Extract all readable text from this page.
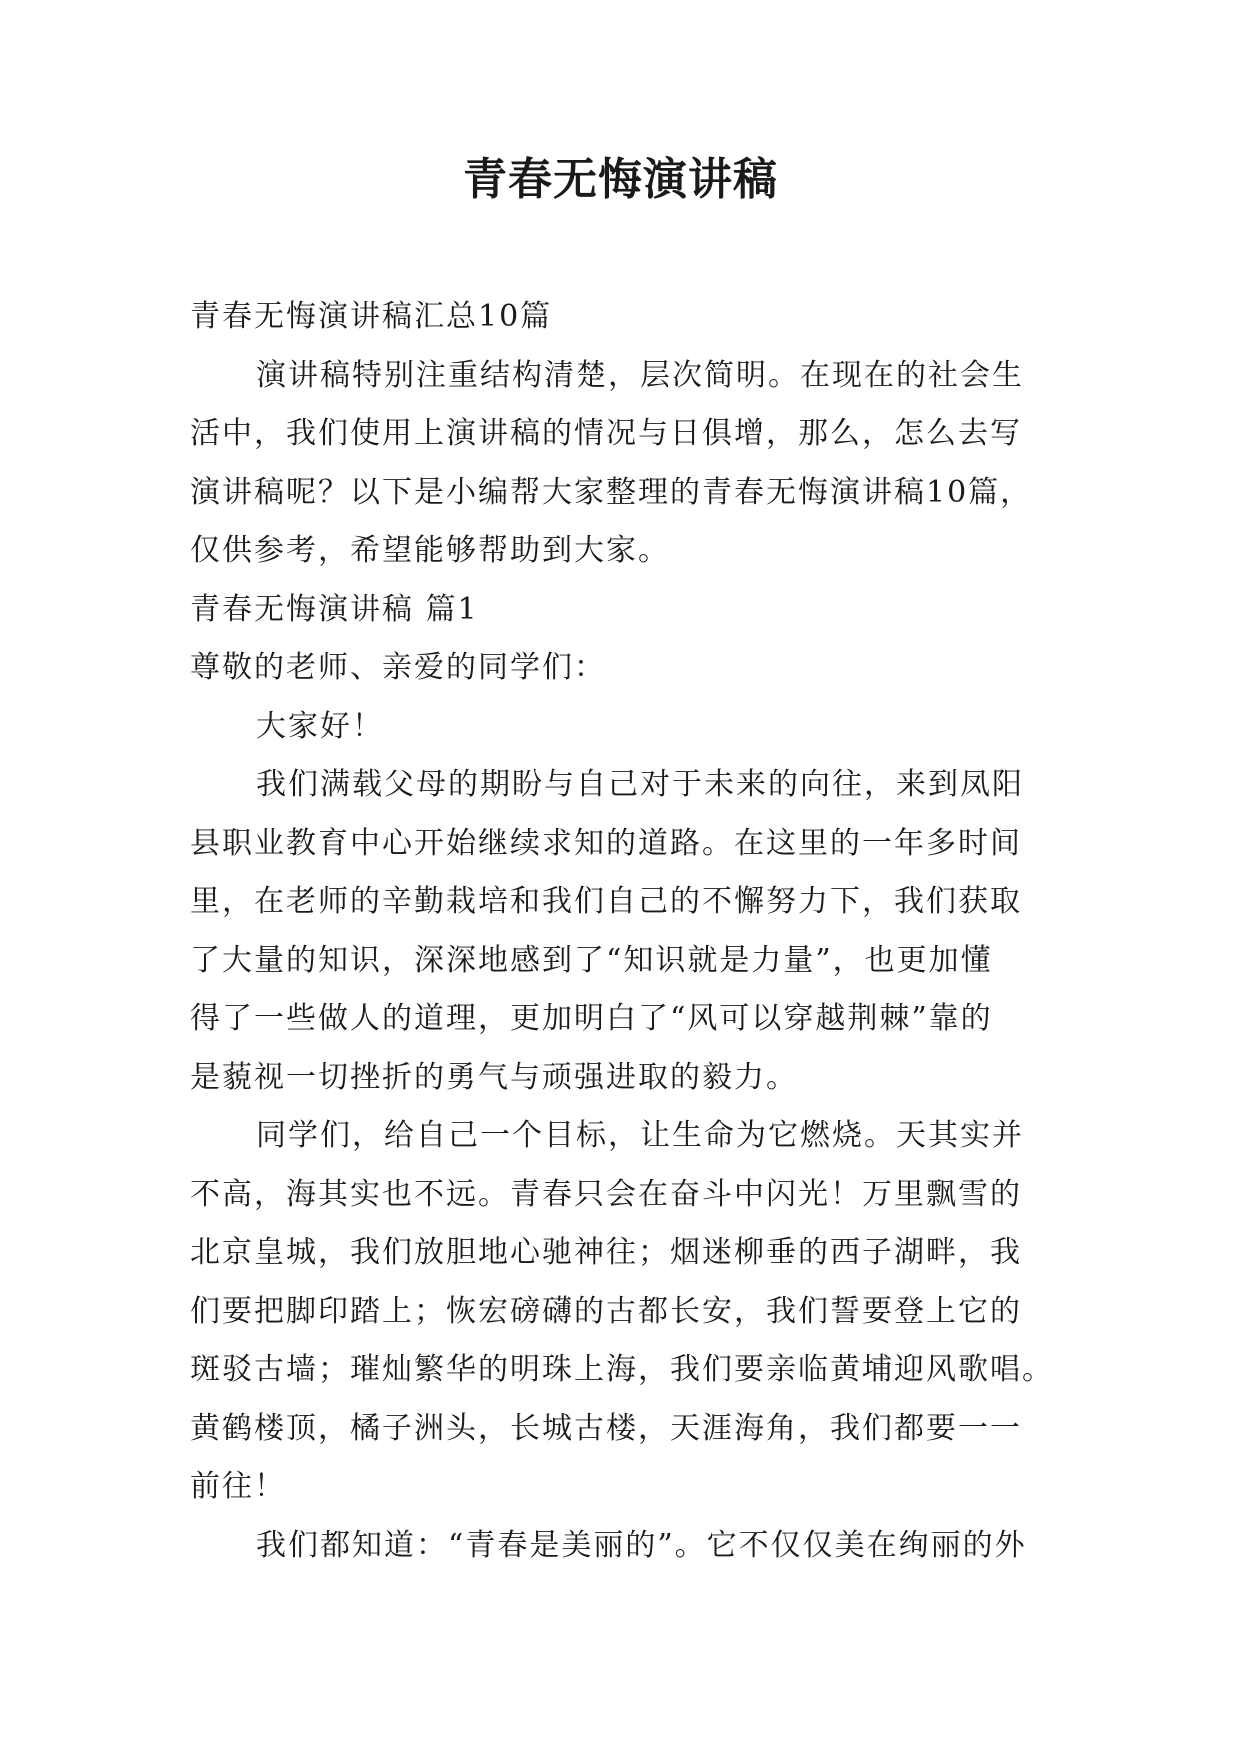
青春无悔演讲稿
青春无悔演讲稿汇总10篇
演讲稿特别注重结构清楚，层次简明。在现在的社会生
活中，我们使用上演讲稿的情况与日俱增，那么，怎么去写
演讲稿呢？以下是小编帮大家整理的青春无悔演讲稿10篇，
仅供参考，希望能够帮助到大家。
青春无悔演讲稿 篇1
尊敬的老师、亲爱的同学们：
大家好！
我们满载父母的期盼与自己对于未来的向往，来到凤阳
县职业教育中心开始继续求知的道路。在这里的一年多时间
里，在老师的辛勤栽培和我们自己的不懈努力下，我们获取
了大量的知识，深深地感到了“知识就是力量”，也更加懂
得了一些做人的道理，更加明白了“风可以穿越荆棘”靠的
是藐视一切挫折的勇气与顽强进取的毅力。
同学们，给自己一个目标，让生命为它燃烧。天其实并
不高，海其实也不远。青春只会在奋斗中闪光！万里飘雪的
北京皇城，我们放胆地心驰神往；烟迷柳垂的西子湖畔，我
们要把脚印踏上；恢宏磅礴的古都长安，我们誓要登上它的
斑驳古墙；璀灿繁华的明珠上海，我们要亲临黄埔迎风歌唱。
黄鹤楼顶，橘子洲头，长城古楼，天涯海角，我们都要一一
前往！
我们都知道：“青春是美丽的”。它不仅仅美在绚丽的外
